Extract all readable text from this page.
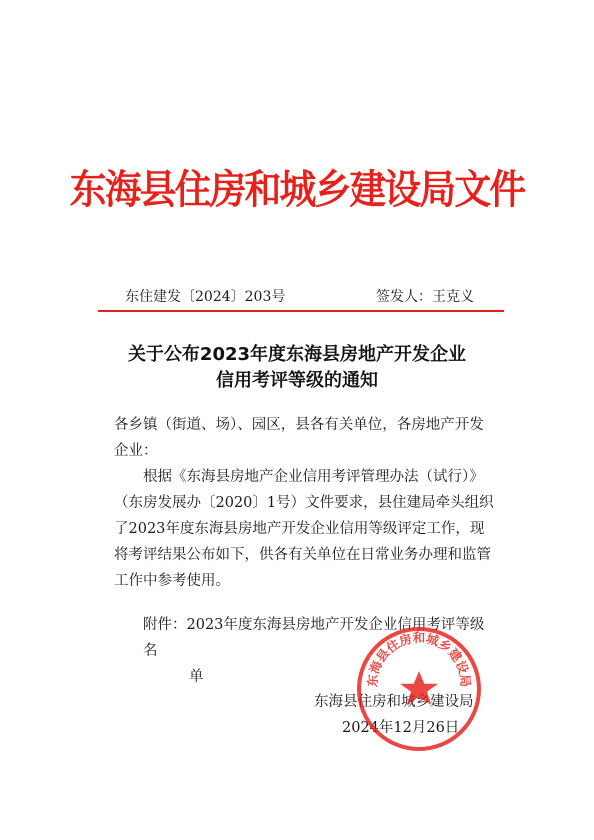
东海县住房和城乡建设局文件
东住建发〔2024〕203号	签发人：王克义
关于公布2023年度东海县房地产开发企业
信用考评等级的通知
各乡镇（街道、场）、园区，县各有关单位，各房地产开发企业：
根据《东海县房地产企业信用考评管理办法（试行）》（东房发展办〔2020〕1号）文件要求，县住建局牵头组织了2023年度东海县房地产开发企业信用等级评定工作，现将考评结果公布如下，供各有关单位在日常业务办理和监管工作中参考使用。
附件：2023年度东海县房地产开发企业信用考评等级名
单
东海县住房和城乡建设局
2024年12月26日
东海县住房和城乡建设局
